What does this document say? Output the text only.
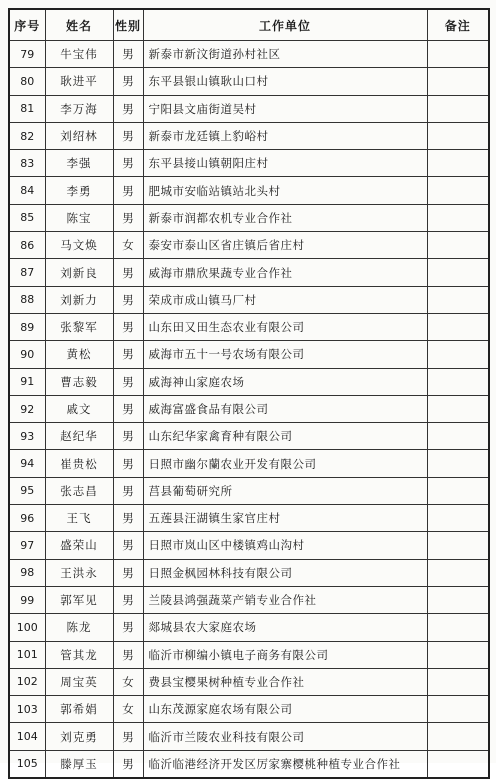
序号	姓名	性别	工作单位	备注
79	牛宝伟	男	新泰市新汶街道孙村社区	
80	耿进平	男	东平县银山镇耿山口村	
81	李万海	男	宁阳县文庙街道吴村	
82	刘绍林	男	新泰市龙廷镇上豹峪村	
83	李强	男	东平县接山镇朝阳庄村	
84	李勇	男	肥城市安临站镇站北头村	
85	陈宝	男	新泰市润都农机专业合作社	
86	马文焕	女	泰安市泰山区省庄镇后省庄村	
87	刘新良	男	威海市鼎欣果蔬专业合作社	
88	刘新力	男	荣成市成山镇马厂村	
89	张黎军	男	山东田又田生态农业有限公司	
90	黄松	男	威海市五十一号农场有限公司	
91	曹志毅	男	威海神山家庭农场	
92	戚文	男	威海富盛食品有限公司	
93	赵纪华	男	山东纪华家禽育种有限公司	
94	崔贵松	男	日照市幽尔蘭农业开发有限公司	
95	张志昌	男	莒县葡萄研究所	
96	王飞	男	五莲县汪湖镇生家官庄村	
97	盛荣山	男	日照市岚山区中楼镇鸡山沟村	
98	王洪永	男	日照金枫园林科技有限公司	
99	郭军见	男	兰陵县鸿强蔬菜产销专业合作社	
100	陈龙	男	郯城县农大家庭农场	
101	管其龙	男	临沂市柳编小镇电子商务有限公司	
102	周宝英	女	费县宝樱果树种植专业合作社	
103	郭希娟	女	山东茂源家庭农场有限公司	
104	刘克勇	男	临沂市兰陵农业科技有限公司	
105	滕厚玉	男	临沂临港经济开发区厉家寨樱桃种植专业合作社	
